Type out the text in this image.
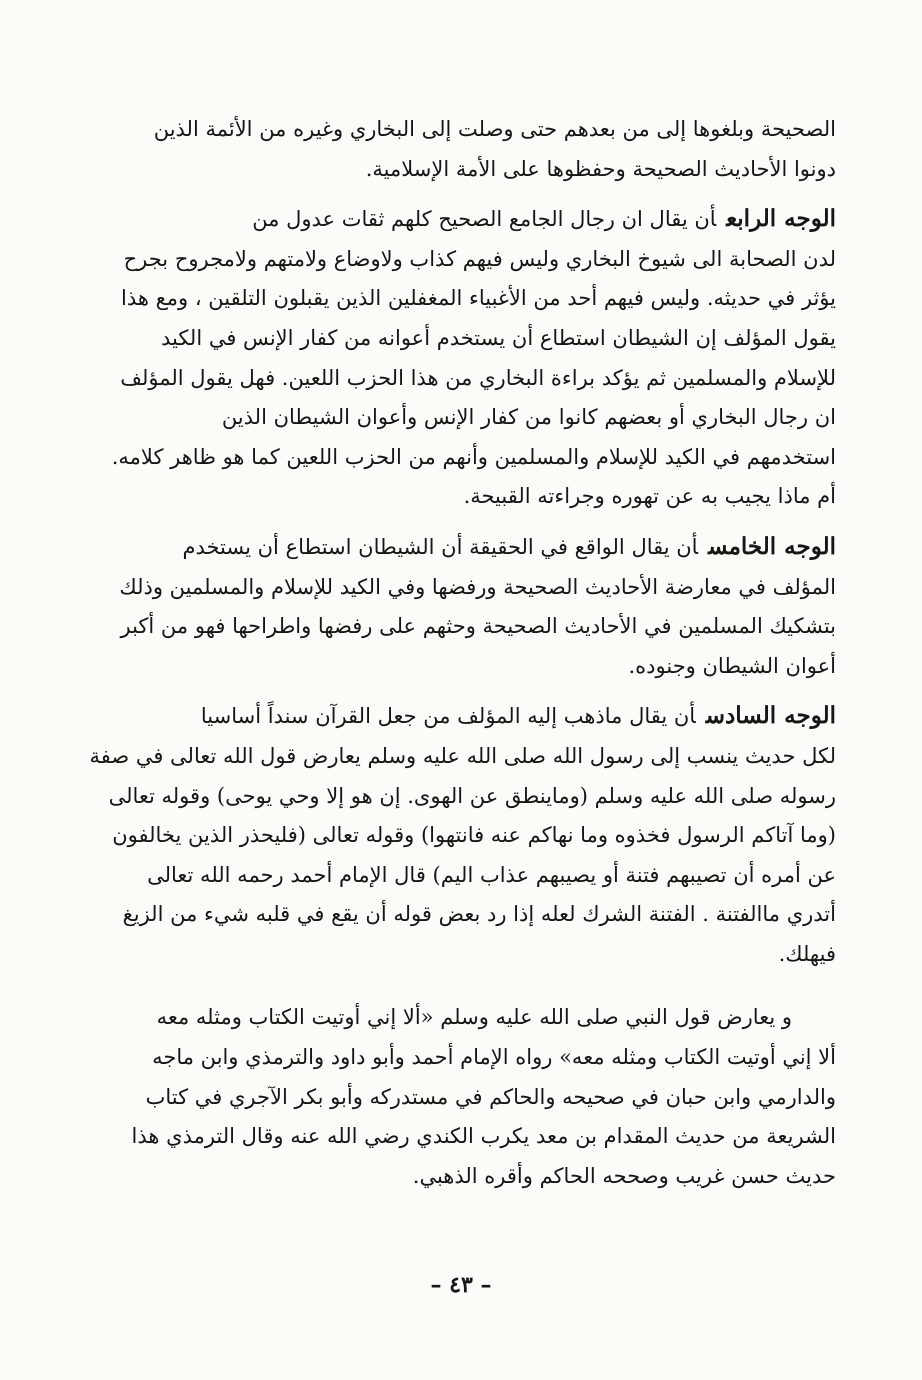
الصحيحة وبلغوها إلى من بعدهم حتى وصلت إلى البخاري وغيره من الأئمة الذين
دونوا الأحاديث الصحيحة وحفظوها على الأمة الإسلامية.

الوجه الرابعأن يقال ان رجال الجامع الصحيح كلهم ثقات عدول من
لدن الصحابة الى شيوخ البخاري وليس فيهم كذاب ولاوضاع ولامتهم ولامجروح بجرح
يؤثر في حديثه. وليس فيهم أحد من الأغبياء المغفلين الذين يقبلون التلقين ، ومع هذا
يقول المؤلف إن الشيطان استطاع أن يستخدم أعوانه من كفار الإنس في الكيد
للإسلام والمسلمين ثم يؤكد براءة البخاري من هذا الحزب اللعين. فهل يقول المؤلف
ان رجال البخاري أو بعضهم كانوا من كفار الإنس وأعوان الشيطان الذين
استخدمهم في الكيد للإسلام والمسلمين وأنهم من الحزب اللعين كما هو ظاهر كلامه.
أم ماذا يجيب به عن تهوره وجراءته القبيحة.

الوجه الخامسأن يقال الواقع في الحقيقة أن الشيطان استطاع أن يستخدم
المؤلف في معارضة الأحاديث الصحيحة ورفضها وفي الكيد للإسلام والمسلمين وذلك
بتشكيك المسلمين في الأحاديث الصحيحة وحثهم على رفضها واطراحها فهو من أكبر
أعوان الشيطان وجنوده.

الوجه السادسأن يقال ماذهب إليه المؤلف من جعل القرآن سنداً أساسيا
لكل حديث ينسب إلى رسول الله صلى الله عليه وسلم يعارض قول الله تعالى في صفة
رسوله صلى الله عليه وسلم (وماينطق عن الهوى. إن هو إلا وحي يوحى) وقوله تعالى
(وما آتاكم الرسول فخذوه وما نهاكم عنه فانتهوا) وقوله تعالى (فليحذر الذين يخالفون
عن أمره أن تصيبهم فتنة أو يصيبهم عذاب اليم) قال الإمام أحمد رحمه الله تعالى
أتدري ماالفتنة . الفتنة الشرك لعله إذا رد بعض قوله أن يقع في قلبه شيء من الزيغ
فيهلك.

و يعارض قول النبي صلى الله عليه وسلم «ألا إني أوتيت الكتاب ومثله معه
ألا إني أوتيت الكتاب ومثله معه» رواه الإمام أحمد وأبو داود والترمذي وابن ماجه
والدارمي وابن حبان في صحيحه والحاكم في مستدركه وأبو بكر الآجري في كتاب
الشريعة من حديث المقدام بن معد يكرب الكندي رضي الله عنه وقال الترمذي هذا
حديث حسن غريب وصححه الحاكم وأقره الذهبي.

– ٤٣ –
